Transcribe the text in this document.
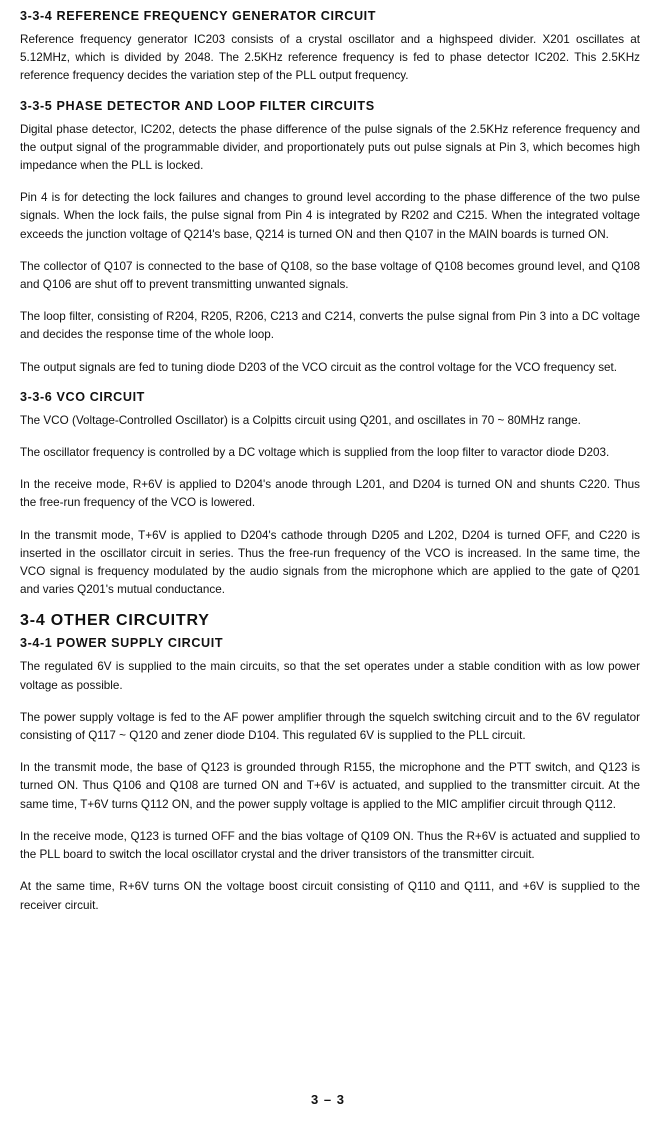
3-3-4 REFERENCE FREQUENCY GENERATOR CIRCUIT

Reference frequency generator IC203 consists of a crystal oscillator and a highspeed divider. X201 oscillates at 5.12MHz, which is divided by 2048. The 2.5KHz reference frequency is fed to phase detector IC202. This 2.5KHz reference frequency decides the variation step of the PLL output frequency.

3-3-5 PHASE DETECTOR AND LOOP FILTER CIRCUITS

Digital phase detector, IC202, detects the phase difference of the pulse signals of the 2.5KHz reference frequency and the output signal of the programmable divider, and proportionately puts out pulse signals at Pin 3, which becomes high impedance when the PLL is locked.

Pin 4 is for detecting the lock failures and changes to ground level according to the phase difference of the two pulse signals. When the lock fails, the pulse signal from Pin 4 is integrated by R202 and C215. When the integrated voltage exceeds the junction voltage of Q214's base, Q214 is turned ON and then Q107 in the MAIN boards is turned ON.

The collector of Q107 is connected to the base of Q108, so the base voltage of Q108 becomes ground level, and Q108 and Q106 are shut off to prevent transmitting unwanted signals.

The loop filter, consisting of R204, R205, R206, C213 and C214, converts the pulse signal from Pin 3 into a DC voltage and decides the response time of the whole loop.

The output signals are fed to tuning diode D203 of the VCO circuit as the control voltage for the VCO frequency set.

3-3-6 VCO CIRCUIT

The VCO (Voltage-Controlled Oscillator) is a Colpitts circuit using Q201, and oscillates in 70 ~ 80MHz range.

The oscillator frequency is controlled by a DC voltage which is supplied from the loop filter to varactor diode D203.

In the receive mode, R+6V is applied to D204's anode through L201, and D204 is turned ON and shunts C220. Thus the free-run frequency of the VCO is lowered.

In the transmit mode, T+6V is applied to D204's cathode through D205 and L202, D204 is turned OFF, and C220 is inserted in the oscillator circuit in series. Thus the free-run frequency of the VCO is increased. In the same time, the VCO signal is frequency modulated by the audio signals from the microphone which are applied to the gate of Q201 and varies Q201's mutual conductance.

3-4 OTHER CIRCUITRY
3-4-1 POWER SUPPLY CIRCUIT

The regulated 6V is supplied to the main circuits, so that the set operates under a stable condition with as low power voltage as possible.

The power supply voltage is fed to the AF power amplifier through the squelch switching circuit and to the 6V regulator consisting of Q117 ~ Q120 and zener diode D104. This regulated 6V is supplied to the PLL circuit.

In the transmit mode, the base of Q123 is grounded through R155, the microphone and the PTT switch, and Q123 is turned ON. Thus Q106 and Q108 are turned ON and T+6V is actuated, and supplied to the transmitter circuit. At the same time, T+6V turns Q112 ON, and the power supply voltage is applied to the MIC amplifier circuit through Q112.

In the receive mode, Q123 is turned OFF and the bias voltage of Q109 ON. Thus the R+6V is actuated and supplied to the PLL board to switch the local oscillator crystal and the driver transistors of the transmitter circuit.

At the same time, R+6V turns ON the voltage boost circuit consisting of Q110 and Q111, and +6V is supplied to the receiver circuit.

3 – 3
